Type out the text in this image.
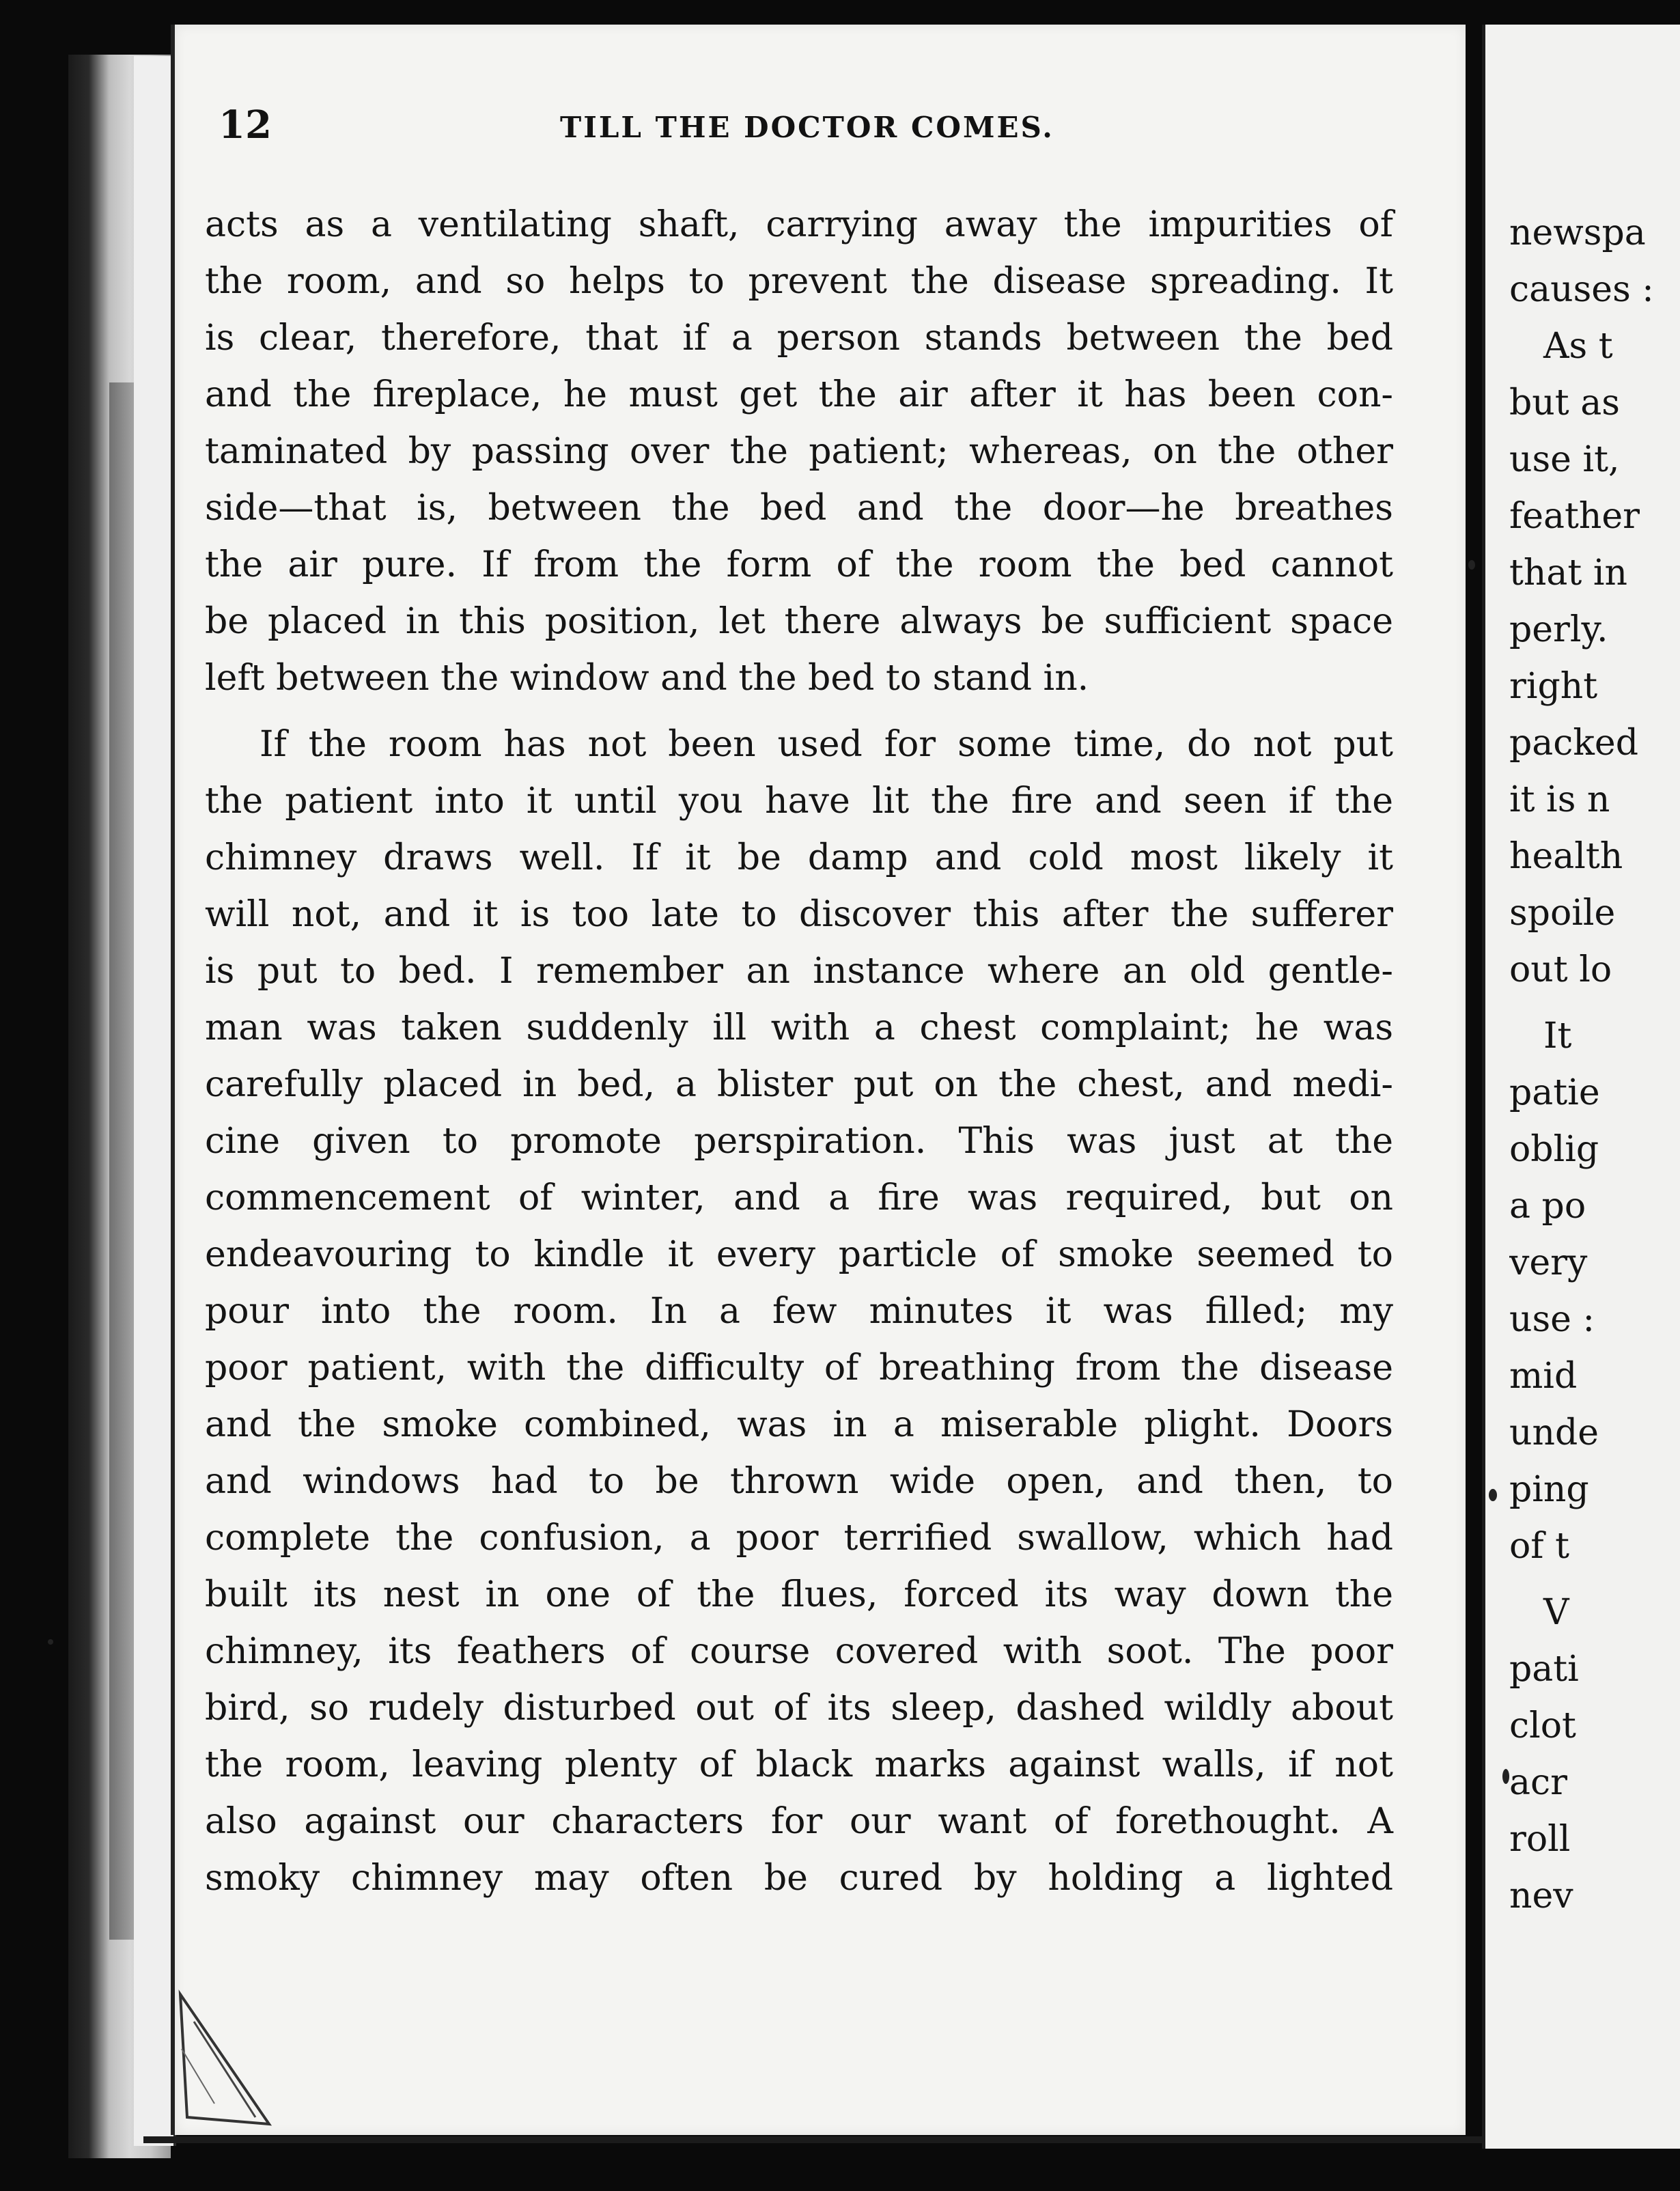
12	TILL THE DOCTOR COMES.
acts as a ventilating shaft, carrying away the impurities of
the room, and so helps to prevent the disease spreading. It
is clear, therefore, that if a person stands between the bed
and the fireplace, he must get the air after it has been con-
taminated by passing over the patient; whereas, on the other
side—that is, between the bed and the door—he breathes
the air pure. If from the form of the room the bed cannot
be placed in this position, let there always be sufficient space
left between the window and the bed to stand in.
If the room has not been used for some time, do not put
the patient into it until you have lit the fire and seen if the
chimney draws well. If it be damp and cold most likely it
will not, and it is too late to discover this after the sufferer
is put to bed. I remember an instance where an old gentle-
man was taken suddenly ill with a chest complaint; he was
carefully placed in bed, a blister put on the chest, and medi-
cine given to promote perspiration. This was just at the
commencement of winter, and a fire was required, but on
endeavouring to kindle it every particle of smoke seemed to
pour into the room. In a few minutes it was filled; my
poor patient, with the difficulty of breathing from the disease
and the smoke combined, was in a miserable plight. Doors
and windows had to be thrown wide open, and then, to
complete the confusion, a poor terrified swallow, which had
built its nest in one of the flues, forced its way down the
chimney, its feathers of course covered with soot. The poor
bird, so rudely disturbed out of its sleep, dashed wildly about
the room, leaving plenty of black marks against walls, if not
also against our characters for our want of forethought. A
smoky chimney may often be cured by holding a lighted
newspa
causes :
As t
but as
use it,
feather
that in
perly.
right
packed
it is n
health
spoile
out lo
It
patie
oblig
a po
very
use :
mid
unde
ping
of t
V
pati
clot
acr
roll
nev
